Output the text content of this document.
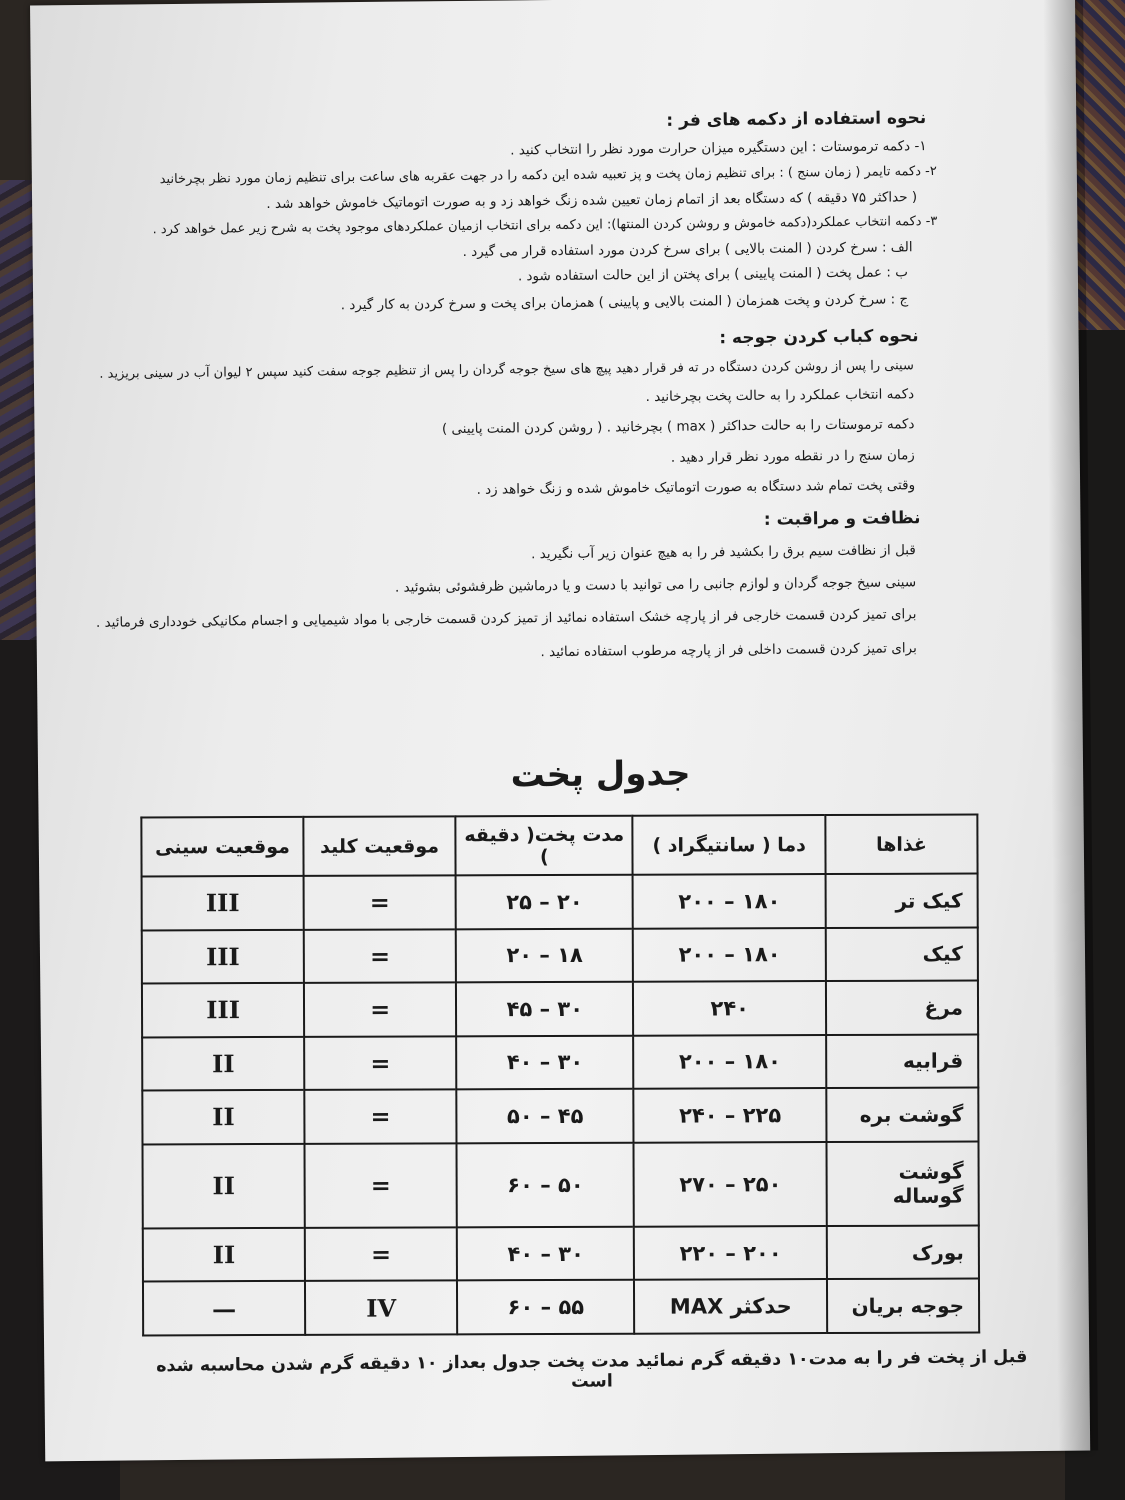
نحوه استفاده از دکمه های فر :
۱- دکمه ترموستات : این دستگیره میزان حرارت مورد نظر را انتخاب کنید .
۲- دکمه تایمر ( زمان سنج ) : برای تنظیم زمان پخت و پز تعبیه شده این دکمه را در جهت عقربه های ساعت برای تنظیم زمان مورد نظر بچرخانید
( حداکثر ۷۵ دقیقه ) که دستگاه بعد از اتمام زمان تعیین شده زنگ خواهد زد و به صورت اتوماتیک خاموش خواهد شد .
۳- دکمه انتخاب عملکرد(دکمه خاموش و روشن کردن المنتها): این دکمه برای انتخاب ازمیان عملکردهای موجود پخت به شرح زیر عمل خواهد کرد .
الف : سرخ کردن ( المنت بالایی ) برای سرخ کردن مورد استفاده قرار می گیرد .
ب : عمل پخت ( المنت پایینی ) برای پختن از این حالت استفاده شود .
ج : سرخ کردن و پخت همزمان ( المنت بالایی و پایینی ) همزمان برای پخت و سرخ کردن به کار گیرد .
نحوه کباب کردن جوجه :
سینی را پس از روشن کردن دستگاه در ته فر قرار دهید پیچ های سیخ جوجه گردان را پس از تنظیم جوجه سفت کنید سپس ۲ لیوان آب در سینی بریزید .
دکمه انتخاب عملکرد را به حالت پخت بچرخانید .
دکمه ترموستات را به حالت حداکثر ( max ) بچرخانید . ( روشن کردن المنت پایینی )
زمان سنج را در نقطه مورد نظر قرار دهید .
وقتی پخت تمام شد دستگاه به صورت اتوماتیک خاموش شده و زنگ خواهد زد .
نظافت و مراقبت :
قبل از نظافت سیم برق را بکشید فر را به هیچ عنوان زیر آب نگیرید .
سینی سیخ جوجه گردان و لوازم جانبی را می توانید با دست و یا درماشین ظرفشوئی بشوئید .
برای تمیز کردن قسمت خارجی فر از پارچه خشک استفاده نمائید از تمیز کردن قسمت خارجی با مواد شیمیایی و اجسام مکانیکی خودداری فرمائید .
برای تمیز کردن قسمت داخلی فر از پارچه مرطوب استفاده نمائید .
جدول پخت
غذاها	دما ( سانتیگراد )	مدت پخت( دقیقه )	موقعیت کلید	موقعیت سینی
کیک تر	۱۸۰ – ۲۰۰	۲۰ – ۲۵	=	III
کیک	۱۸۰ – ۲۰۰	۱۸ – ۲۰	=	III
مرغ	۲۴۰	۳۰ – ۴۵	=	III
قرابیه	۱۸۰ – ۲۰۰	۳۰ – ۴۰	=	II
گوشت بره	۲۲۵ – ۲۴۰	۴۵ – ۵۰	=	II
گوشت گوساله	۲۵۰ – ۲۷۰	۵۰ – ۶۰	=	II
بورک	۲۰۰ – ۲۲۰	۳۰ – ۴۰	=	II
جوجه بریان	حدکثر MAX	۵۵ – ۶۰	IV	—
قبل از پخت فر را به مدت۱۰ دقیقه گرم نمائید مدت پخت جدول بعداز ۱۰ دقیقه گرم شدن محاسبه شده است
